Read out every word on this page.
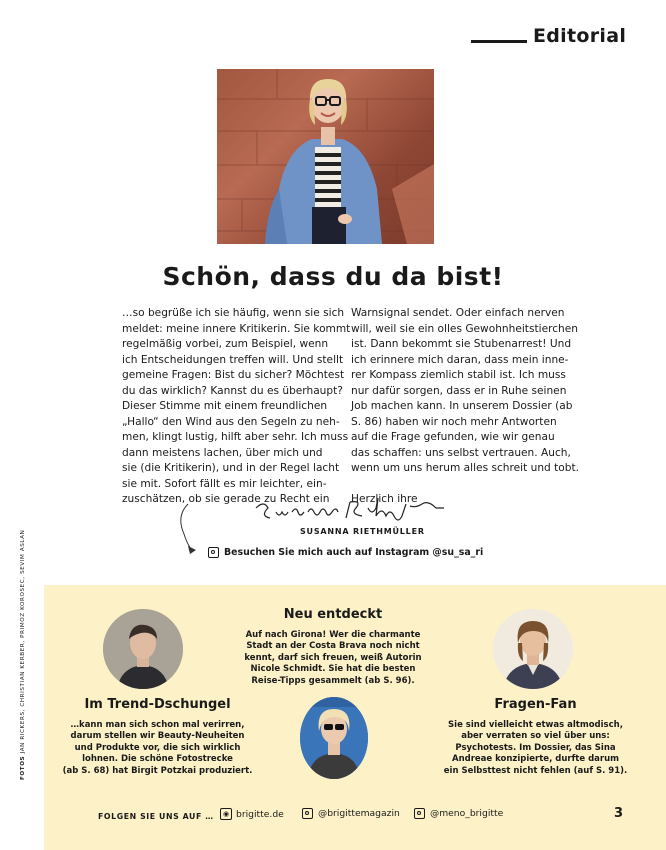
Editorial
Schön, dass du da bist!

…so begrüße ich sie häufig, wenn sie sich

meldet: meine innere Kritikerin. Sie kommt

regelmäßig vorbei, zum Beispiel, wenn

ich Entscheidungen treffen will. Und stellt

gemeine Fragen: Bist du sicher? Möchtest

du das wirklich? Kannst du es überhaupt?

Dieser Stimme mit einem freundlichen

„Hallo“ den Wind aus den Segeln zu neh-

men, klingt lustig, hilft aber sehr. Ich muss

dann meistens lachen, über mich und

sie (die Kritikerin), und in der Regel lacht

sie mit. Sofort fällt es mir leichter, ein-

zuschätzen, ob sie gerade zu Recht ein

Warnsignal sendet. Oder einfach nerven

will, weil sie ein olles Gewohnheitstierchen

ist. Dann bekommt sie Stubenarrest! Und

ich erinnere mich daran, dass mein inne-

rer Kompass ziemlich stabil ist. Ich muss

nur dafür sorgen, dass er in Ruhe seinen

Job machen kann. In unserem Dossier (ab

S. 86) haben wir noch mehr Antworten

auf die Frage gefunden, wie wir genau

das schaffen: uns selbst vertrauen. Auch,

wenn um uns herum alles schreit und tobt.

Herzlich ihre

SUSANNA RIETHMÜLLER
Besuchen Sie mich auch auf Instagram @su_sa_ri
FOTOS JAN RICKERS, CHRISTIAN KERBER, PRIMOZ KOROSEC, SEVIM ASLAN	Neu entdeckt
Auf nach Girona! Wer die charmante
Stadt an der Costa Brava noch nicht
kennt, darf sich freuen, weiß Autorin
Nicole Schmidt. Sie hat die besten
Reise-Tipps gesammelt (ab S. 96).
Im Trend-Dschungel
…kann man sich schon mal verirren,
darum stellen wir Beauty-Neuheiten
und Produkte vor, die sich wirklich
lohnen. Die schöne Fotostrecke
(ab S. 68) hat Birgit Potzkai produziert.
Fragen-Fan
Sie sind vielleicht etwas altmodisch,
aber verraten so viel über uns:
Psychotests. Im Dossier, das Sina
Andreae konzipierte, durfte darum
ein Selbsttest nicht fehlen (auf S. 91).
FOLGEN SIE UNS AUF …	◉ brigitte.de	@brigittemagazin	@meno_brigitte	3
